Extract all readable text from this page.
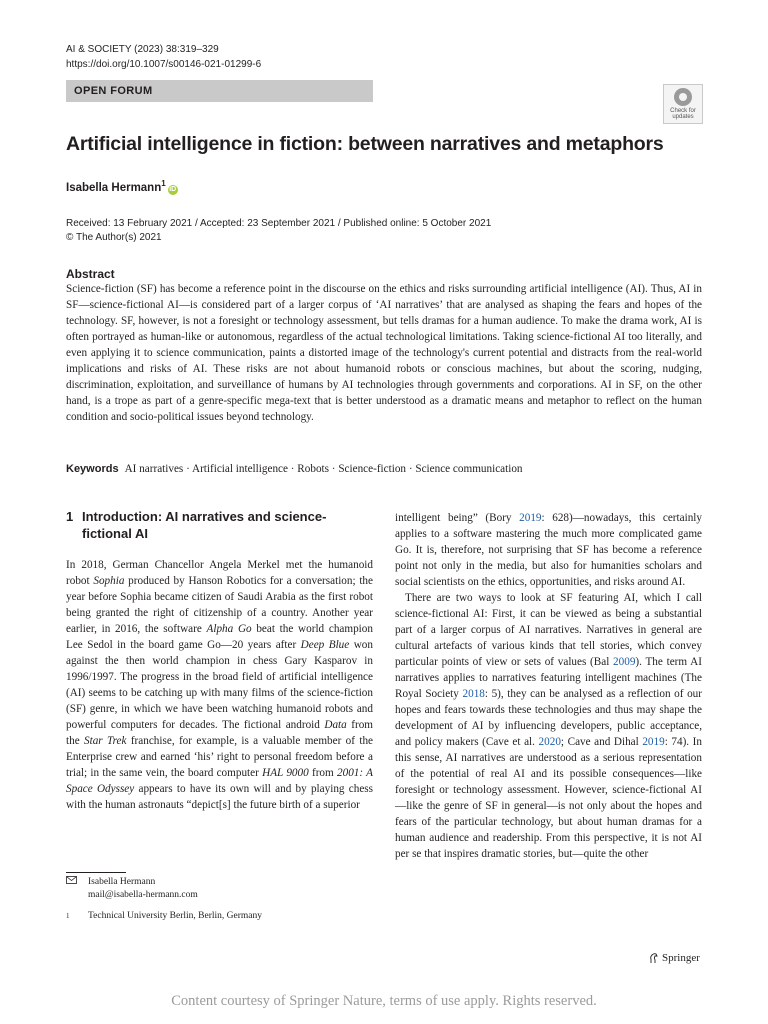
AI & SOCIETY (2023) 38:319–329
https://doi.org/10.1007/s00146-021-01299-6
OPEN FORUM
Check for updates
Artificial intelligence in fiction: between narratives and metaphors
Isabella Hermann$^1$iD
Received: 13 February 2021 / Accepted: 23 September 2021 / Published online: 5 October 2021
© The Author(s) 2021
Abstract
Science-fiction (SF) has become a reference point in the discourse on the ethics and risks surrounding artificial intelligence (AI). Thus, AI in SF—science-fictional AI—is considered part of a larger corpus of ‘AI narratives’ that are analysed as shaping the fears and hopes of the technology. SF, however, is not a foresight or technology assessment, but tells dramas for a human audience. To make the drama work, AI is often portrayed as human-like or autonomous, regardless of the actual technological limitations. Taking science-fictional AI too literally, and even applying it to science communication, paints a distorted image of the technology's current potential and distracts from the real-world implications and risks of AI. These risks are not about humanoid robots or conscious machines, but about the scoring, nudging, discrimination, exploitation, and surveillance of humans by AI technologies through governments and corporations. AI in SF, on the other hand, is a trope as part of a genre-specific mega-text that is better understood as a dramatic means and metaphor to reflect on the human condition and socio-political issues beyond technology.
Keywords AI narratives · Artificial intelligence · Robots · Science-fiction · Science communication
1 Introduction: AI narratives and science-fictional AI

In 2018, German Chancellor Angela Merkel met the humanoid robot Sophia produced by Hanson Robotics for a conversation; the year before Sophia became citizen of Saudi Arabia as the first robot being granted the right of citizenship of a country. Another year earlier, in 2016, the software Alpha Go beat the world champion Lee Sedol in the board game Go—20 years after Deep Blue won against the then world champion in chess Gary Kasparov in 1996/1997. The progress in the broad field of artificial intelligence (AI) seems to be catching up with many films of the science-fiction (SF) genre, in which we have been watching humanoid robots and powerful computers for decades. The fictional android Data from the Star Trek franchise, for example, is a valuable member of the Enterprise crew and earned ‘his’ right to personal freedom before a trial; in the same vein, the board computer HAL 9000 from 2001: A Space Odyssey appears to have its own will and by playing chess with the human astronauts “depict[s] the future birth of a superior

intelligent being” (Bory 2019: 628)—nowadays, this certainly applies to a software mastering the much more complicated game Go. It is, therefore, not surprising that SF has become a reference point not only in the media, but also for humanities scholars and social scientists on the ethics, opportunities, and risks around AI.

There are two ways to look at SF featuring AI, which I call science-fictional AI: First, it can be viewed as being a substantial part of a larger corpus of AI narratives. Narratives in general are cultural artefacts of various kinds that tell stories, which convey particular points of view or sets of values (Bal 2009). The term AI narratives applies to narratives featuring intelligent machines (The Royal Society 2018: 5), they can be analysed as a reflection of our hopes and fears towards these technologies and thus may shape the development of AI by influencing developers, public acceptance, and policy makers (Cave et al. 2020; Cave and Dihal 2019: 74). In this sense, AI narratives are understood as a serious representation of the potential of real AI and its possible consequences—like foresight or technology assessment. However, science-fictional AI—like the genre of SF in general—is not only about the hopes and fears of the particular technology, but about human dramas for a human audience and readership. From this perspective, it is not AI per se that inspires dramatic stories, but—quite the other

Isabella Hermann
mail@isabella-hermann.com
1 Technical University Berlin, Berlin, Germany
Springer
Content courtesy of Springer Nature, terms of use apply. Rights reserved.
